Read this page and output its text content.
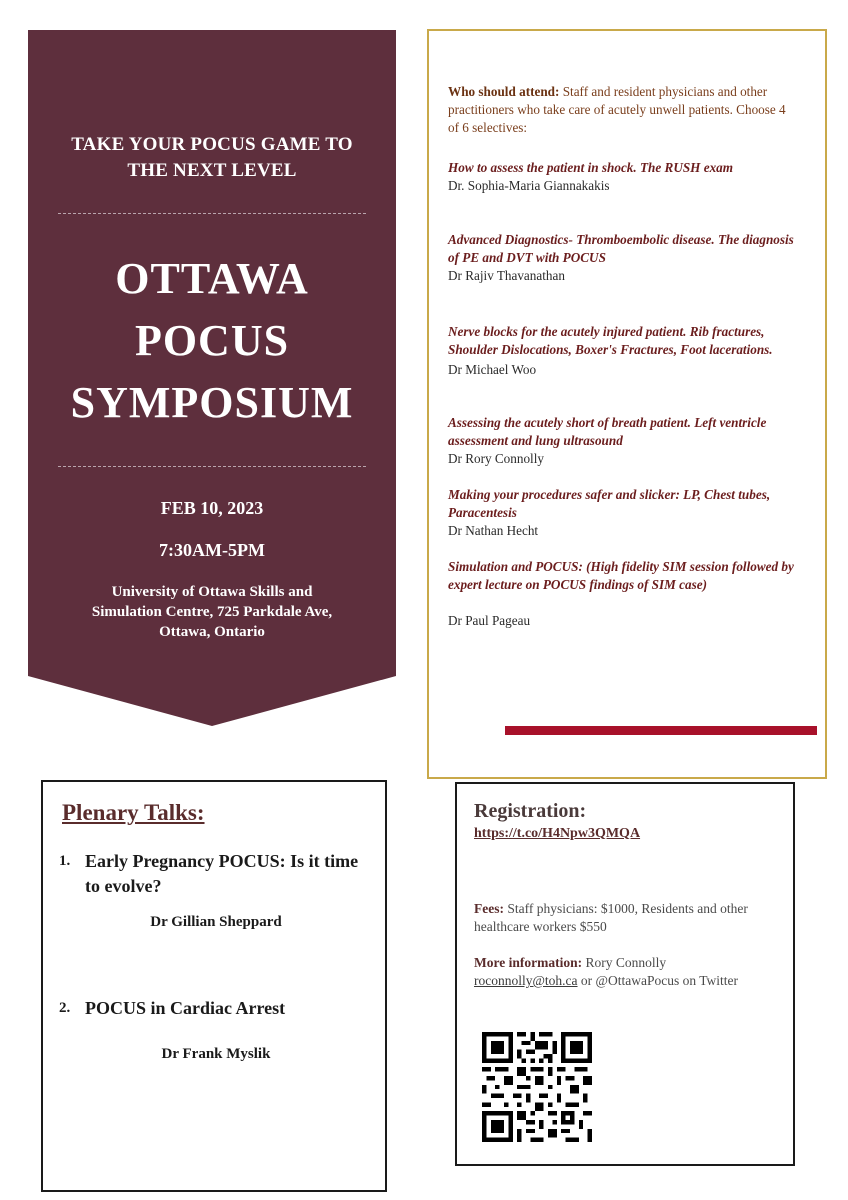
TAKE YOUR POCUS GAME TO
THE NEXT LEVEL
OTTAWA
POCUS
SYMPOSIUM
FEB 10, 2023
7:30AM-5PM
University of Ottawa Skills and
Simulation Centre, 725 Parkdale Ave,
Ottawa, Ontario
Who should attend: Staff and resident physicians and other practitioners who take care of acutely unwell patients. Choose 4 of 6 selectives:
How to assess the patient in shock. The RUSH exam
Dr. Sophia-Maria Giannakakis
Advanced Diagnostics- Thromboembolic disease. The diagnosis of PE and DVT with POCUS
Dr Rajiv Thavanathan
Nerve blocks for the acutely injured patient. Rib fractures, Shoulder Dislocations, Boxer's Fractures, Foot lacerations.
Dr Michael Woo
Assessing the acutely short of breath patient. Left ventricle assessment and lung ultrasound
Dr Rory Connolly
Making your procedures safer and slicker: LP, Chest tubes, Paracentesis
Dr Nathan Hecht
Simulation and POCUS: (High fidelity SIM session followed by expert lecture on POCUS findings of SIM case)
Dr Paul Pageau
Plenary Talks:
1. Early Pregnancy POCUS: Is it time to evolve?
Dr Gillian Sheppard
2. POCUS in Cardiac Arrest
Dr Frank Myslik
Registration:
https://t.co/H4Npw3QMQA
Fees: Staff physicians: $1000, Residents and other healthcare workers $550
More information: Rory Connolly
roconnolly@toh.ca or @OttawaPocus on Twitter
